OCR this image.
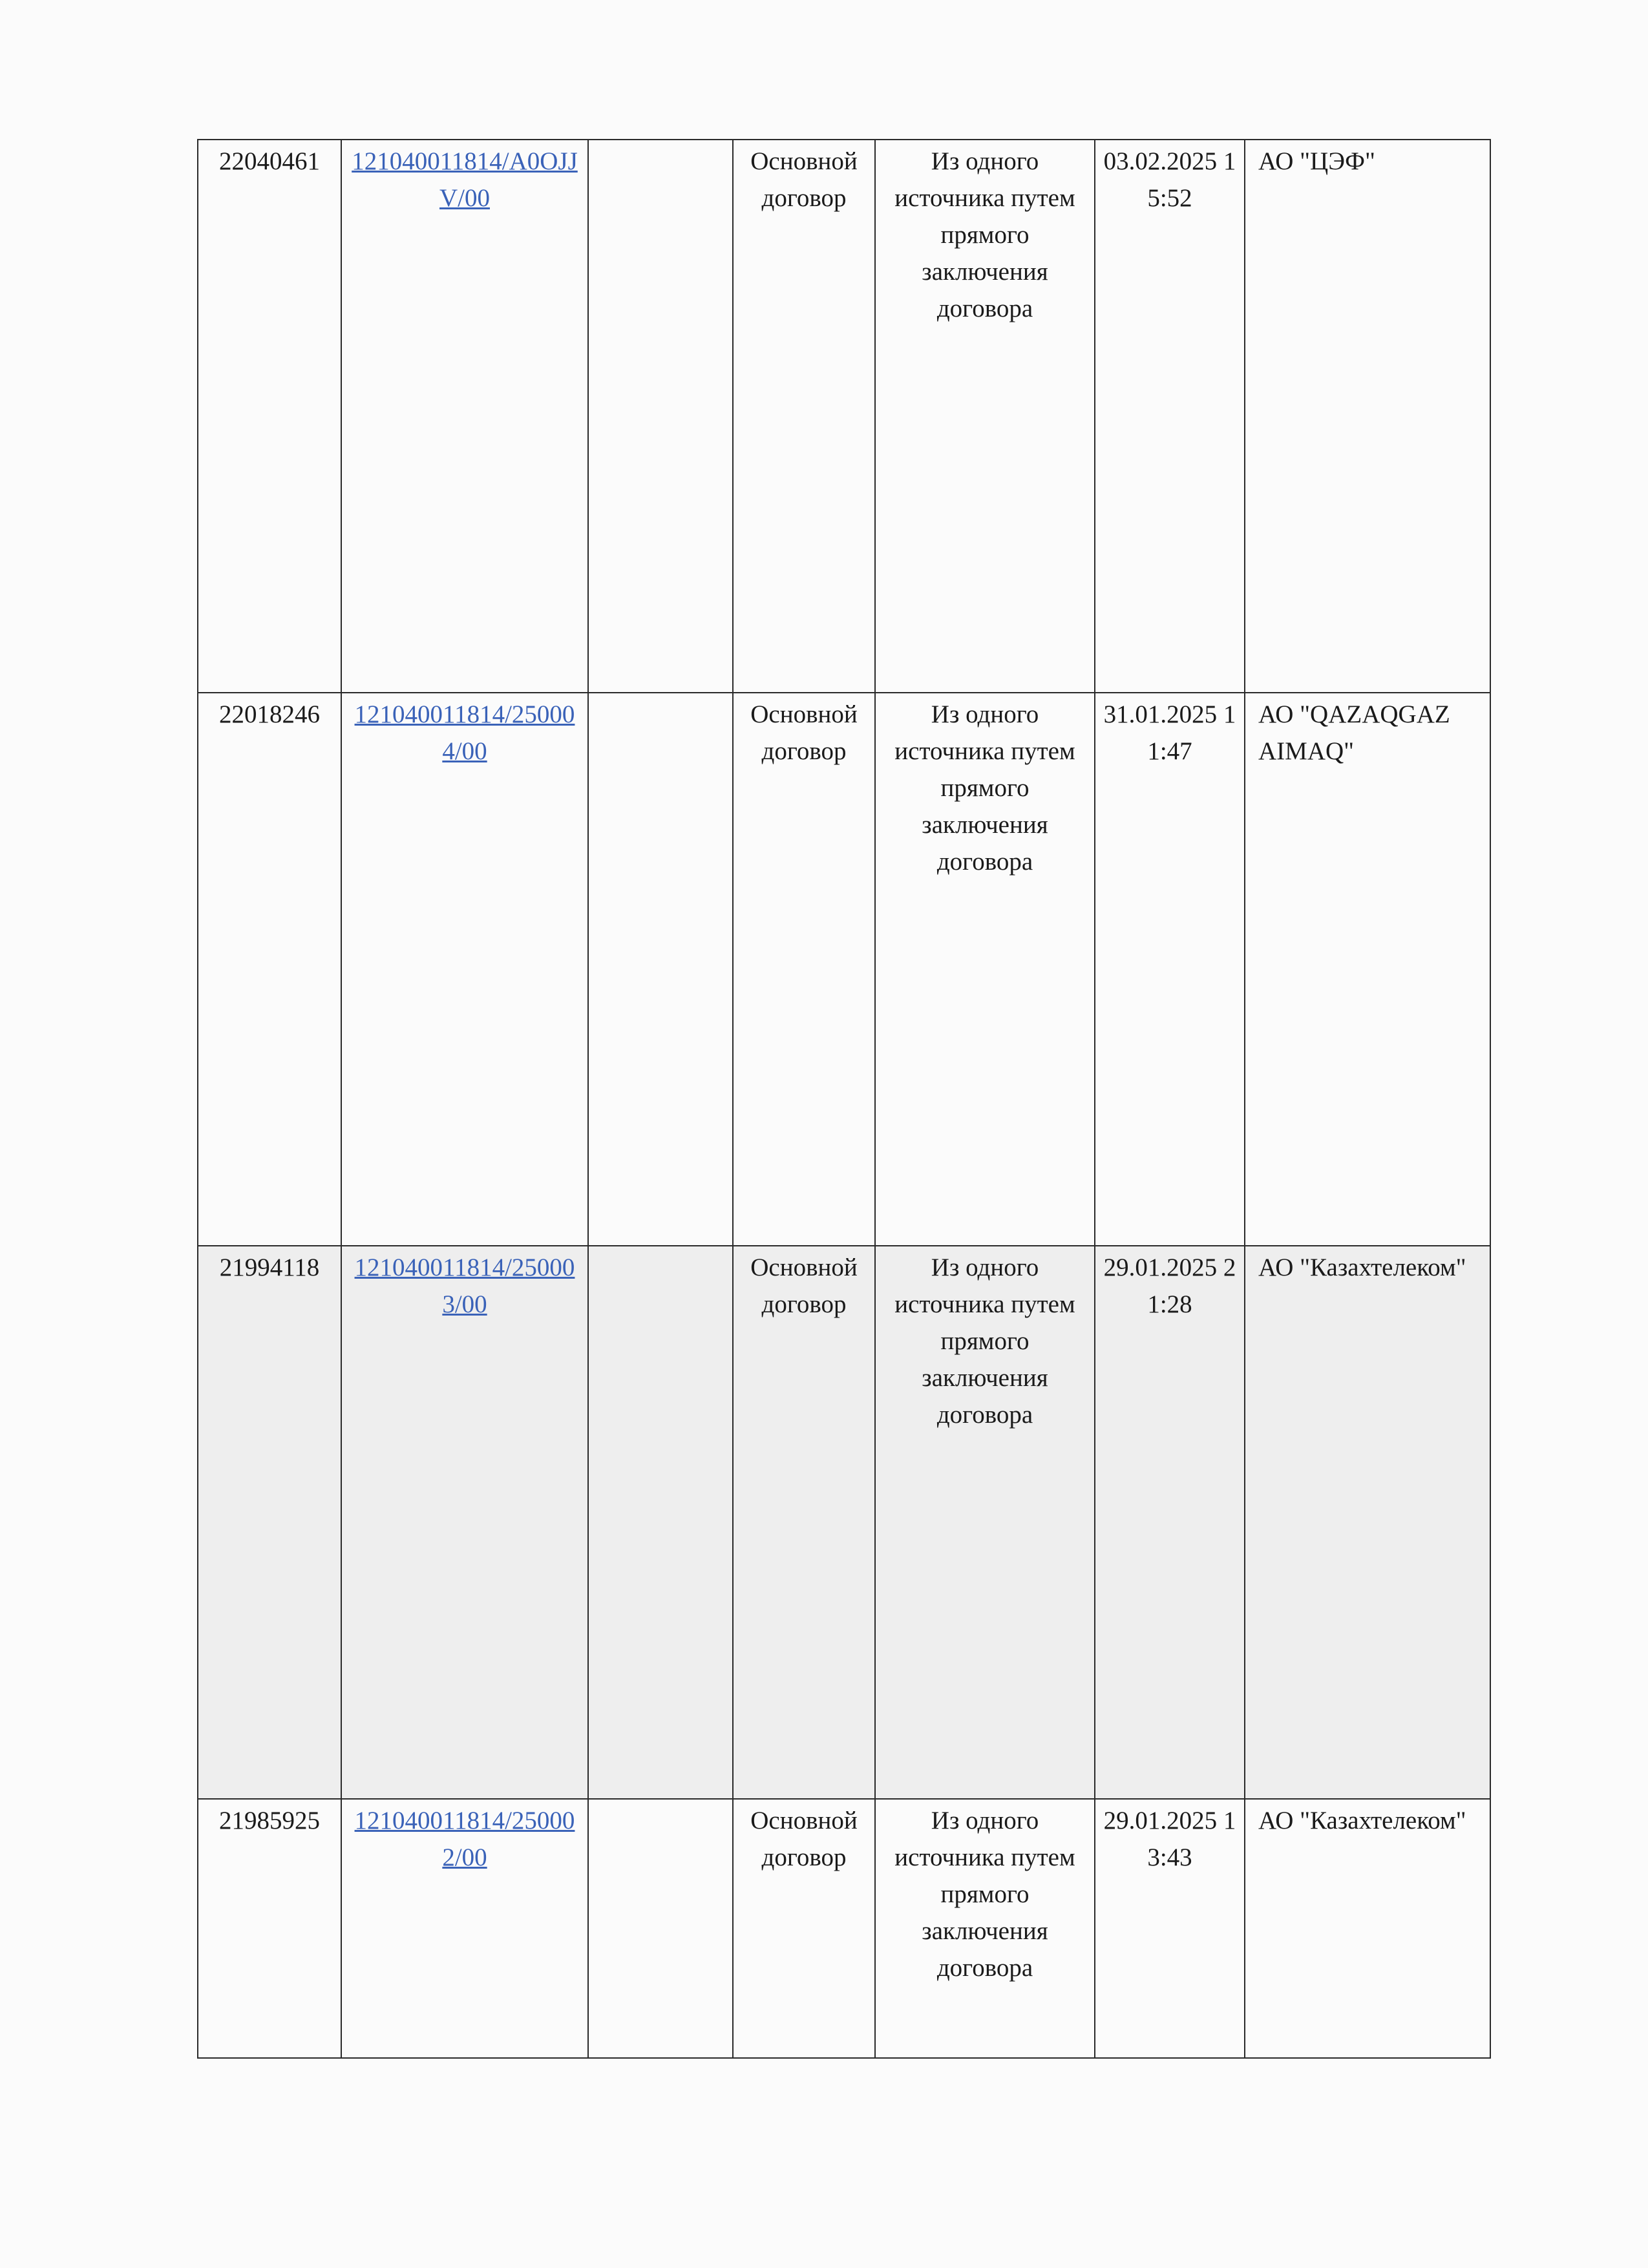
22040461	121040011814/A0OJJV/00		Основной договор	Из одного источника путем прямого заключения договора	03.02.2025 15:52	АО "ЦЭФ"

22018246	121040011814/250004/00		Основной договор	Из одного источника путем прямого заключения договора	31.01.2025 11:47	АО "QAZAQGAZ AIMAQ"

21994118	121040011814/250003/00		Основной договор	Из одного источника путем прямого заключения договора	29.01.2025 21:28	АО "Казахтелеком"

21985925	121040011814/250002/00		Основной договор	Из одного источника путем прямого заключения договора	29.01.2025 13:43	АО "Казахтелеком"
